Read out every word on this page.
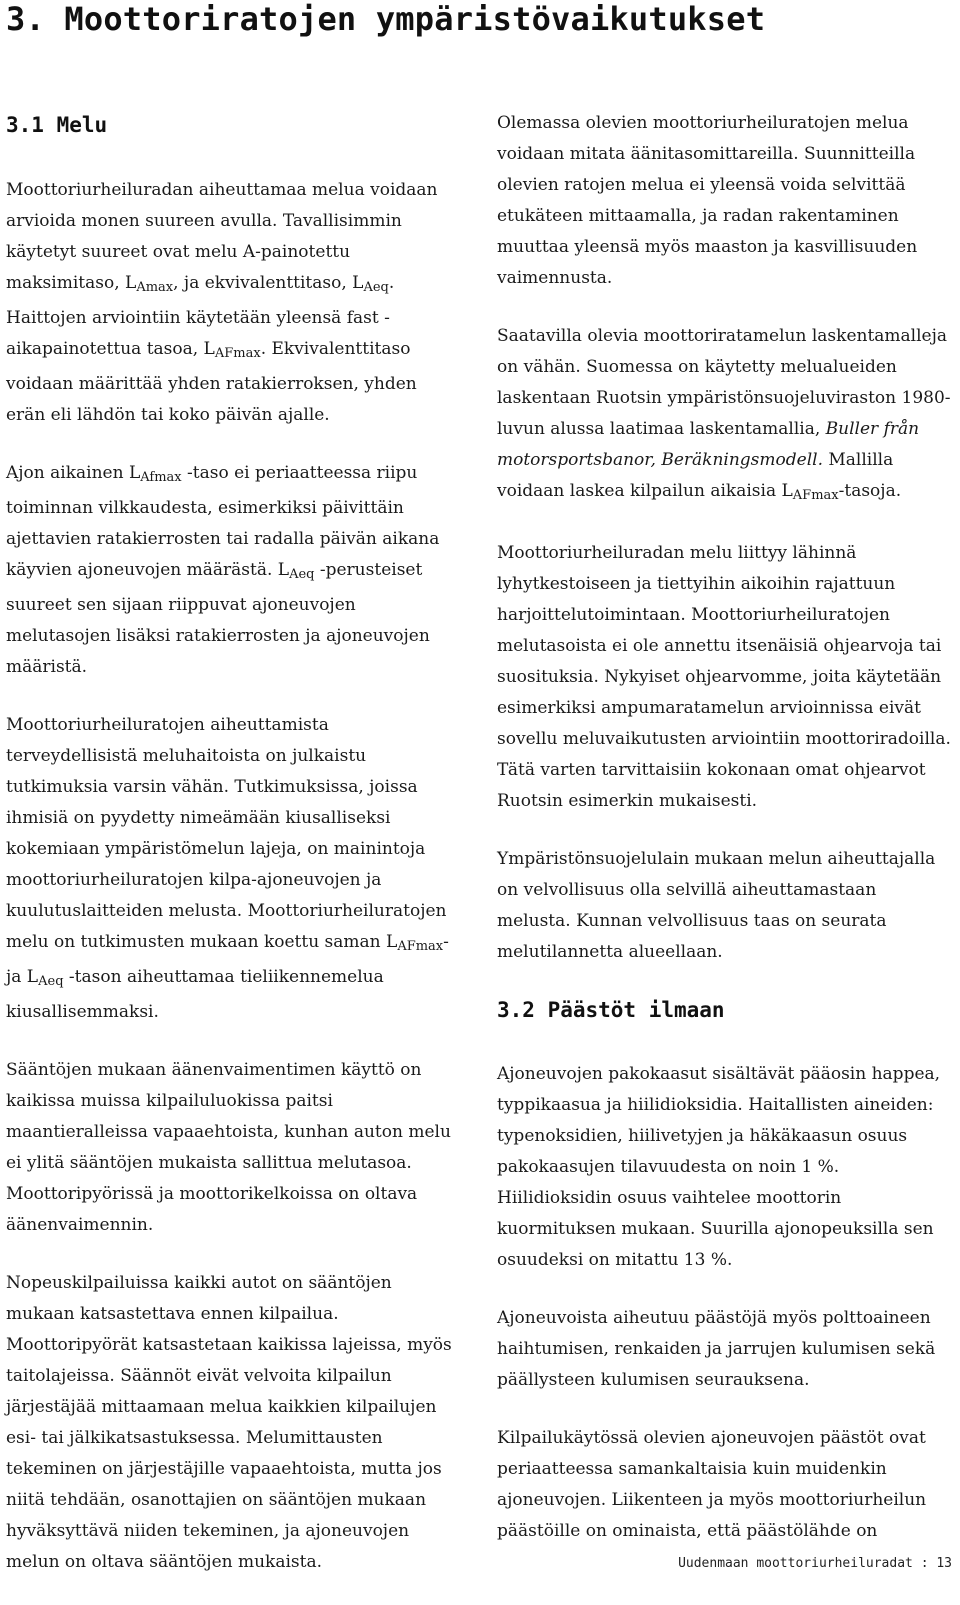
3. Moottoriratojen ympäristövaikutukset
3.1 Melu

Moottoriurheiluradan aiheuttamaa melua voidaan arvioida monen suureen avulla. Tavallisimmin käytetyt suureet ovat melu A-painotettu maksimitaso, $L_{Amax}$, ja ekvivalenttitaso, $L_{Aeq}$. Haittojen arviointiin käytetään yleensä fast -aikapainotettua tasoa, $L_{AFmax}$. Ekvivalenttitaso voidaan määrittää yhden ratakierroksen, yhden erän eli lähdön tai koko päivän ajalle.

Ajon aikainen $L_{Afmax}$ -taso ei periaatteessa riipu toiminnan vilkkaudesta, esimerkiksi päivittäin ajettavien ratakierrosten tai radalla päivän aikana käyvien ajoneuvojen määrästä. $L_{Aeq}$ -perusteiset suureet sen sijaan riippuvat ajoneuvojen melutasojen lisäksi ratakierrosten ja ajoneuvojen määristä.

Moottoriurheiluratojen aiheuttamista terveydellisistä meluhaitoista on julkaistu tutkimuksia varsin vähän. Tutkimuksissa, joissa ihmisiä on pyydetty nimeämään kiusalliseksi kokemiaan ympäristömelun lajeja, on mainintoja moottoriurheiluratojen kilpa-ajoneuvojen ja kuulutuslaitteiden melusta. Moottoriurheiluratojen melu on tutkimusten mukaan koettu saman $L_{AFmax}-$ ja $L_{Aeq}$ -tason aiheuttamaa tieliikennemelua kiusallisemmaksi.

Sääntöjen mukaan äänenvaimentimen käyttö on kaikissa muissa kilpailuluokissa paitsi maantieralleissa vapaaehtoista, kunhan auton melu ei ylitä sääntöjen mukaista sallittua melutasoa. Moottoripyörissä ja moottorikelkoissa on oltava äänenvaimennin.

Nopeuskilpailuissa kaikki autot on sääntöjen mukaan katsastettava ennen kilpailua. Moottoripyörät katsastetaan kaikissa lajeissa, myös taitolajeissa. Säännöt eivät velvoita kilpailun järjestäjää mittaamaan melua kaikkien kilpailujen esi- tai jälkikatsastuksessa. Melumittausten tekeminen on järjestäjille vapaaehtoista, mutta jos niitä tehdään, osanottajien on sääntöjen mukaan hyväksyttävä niiden tekeminen, ja ajoneuvojen melun on oltava sääntöjen mukaista.

Olemassa olevien moottoriurheiluratojen melua voidaan mitata äänitasomittareilla. Suunnitteilla olevien ratojen melua ei yleensä voida selvittää etukäteen mittaamalla, ja radan rakentaminen muuttaa yleensä myös maaston ja kasvillisuuden vaimennusta.

Saatavilla olevia moottoriratamelun laskentamalleja on vähän. Suomessa on käytetty melualueiden laskentaan Ruotsin ympäristönsuojeluviraston 1980-luvun alussa laatimaa laskentamallia, Buller från motorsportsbanor, Beräkningsmodell. Mallilla voidaan laskea kilpailun aikaisia $L_{AFmax}$-tasoja.

Moottoriurheiluradan melu liittyy lähinnä lyhytkestoiseen ja tiettyihin aikoihin rajattuun harjoittelutoimintaan. Moottoriurheiluratojen melutasoista ei ole annettu itsenäisiä ohjearvoja tai suosituksia. Nykyiset ohjearvomme, joita käytetään esimerkiksi ampumaratamelun arvioinnissa eivät sovellu meluvaikutusten arviointiin moottoriradoilla. Tätä varten tarvittaisiin kokonaan omat ohjearvot Ruotsin esimerkin mukaisesti.

Ympäristönsuojelulain mukaan melun aiheuttajalla on velvollisuus olla selvillä aiheuttamastaan melusta. Kunnan velvollisuus taas on seurata melutilannetta alueellaan.

3.2 Päästöt ilmaan

Ajoneuvojen pakokaasut sisältävät pääosin happea, typpikaasua ja hiilidioksidia. Haitallisten aineiden: typenoksidien, hiilivetyjen ja häkäkaasun osuus pakokaasujen tilavuudesta on noin 1 %. Hiilidioksidin osuus vaihtelee moottorin kuormituksen mukaan. Suurilla ajonopeuksilla sen osuudeksi on mitattu 13 %.

Ajoneuvoista aiheutuu päästöjä myös polttoaineen haihtumisen, renkaiden ja jarrujen kulumisen sekä päällysteen kulumisen seurauksena.

Kilpailukäytössä olevien ajoneuvojen päästöt ovat periaatteessa samankaltaisia kuin muidenkin ajoneuvojen. Liikenteen ja myös moottoriurheilun päästöille on ominaista, että päästölähde on

Uudenmaan moottoriurheiluradat : 13
